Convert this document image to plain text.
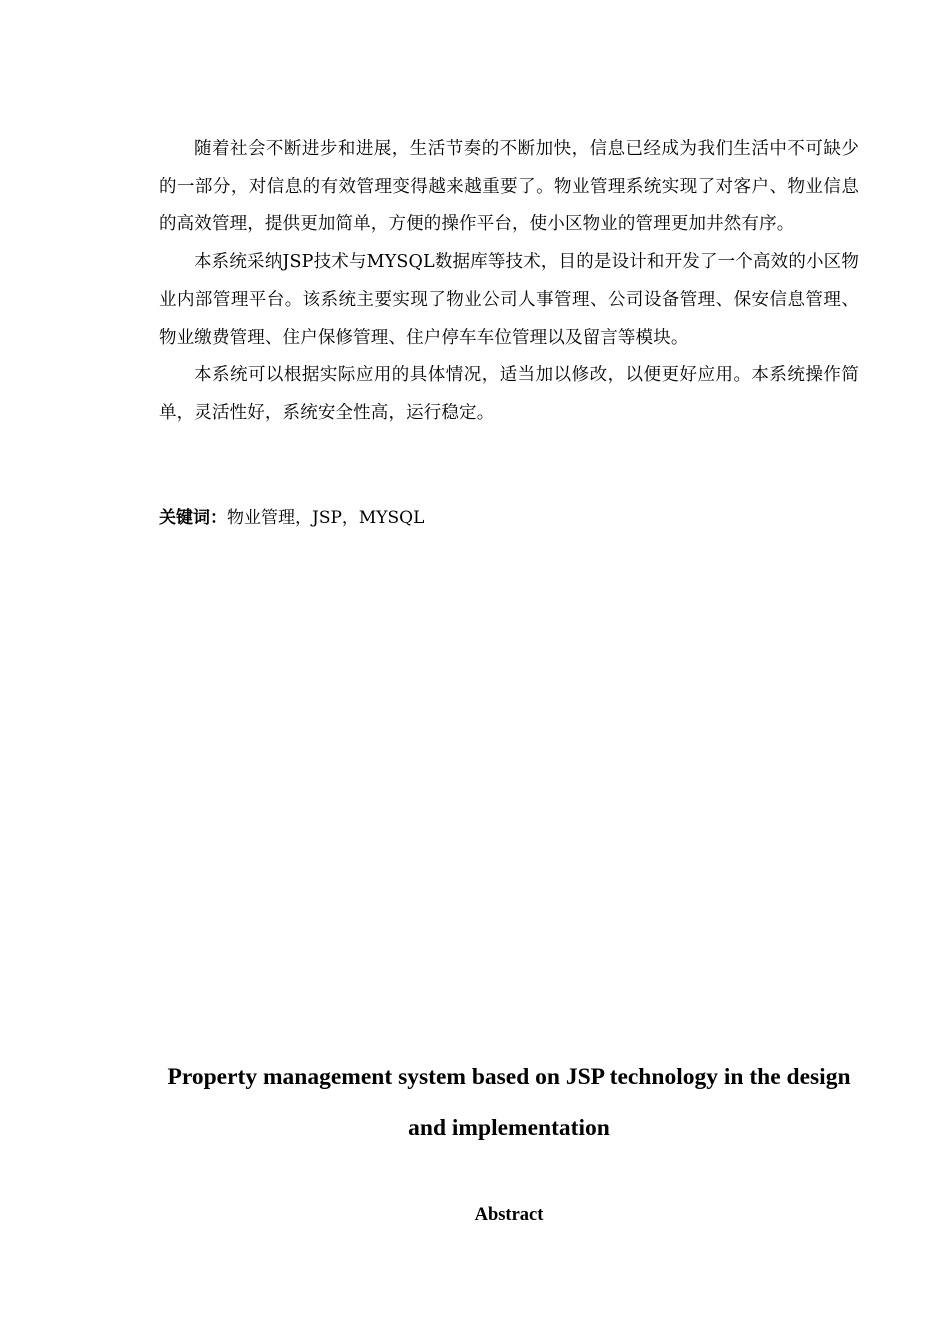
随着社会不断进步和进展，生活节奏的不断加快，信息已经成为我们生活中不可缺少的一部分，对信息的有效管理变得越来越重要了。物业管理系统实现了对客户、物业信息的高效管理，提供更加简单，方便的操作平台，使小区物业的管理更加井然有序。

本系统采纳JSP技术与MYSQL数据库等技术，目的是设计和开发了一个高效的小区物业内部管理平台。该系统主要实现了物业公司人事管理、公司设备管理、保安信息管理、物业缴费管理、住户保修管理、住户停车车位管理以及留言等模块。

本系统可以根据实际应用的具体情况，适当加以修改，以便更好应用。本系统操作简单，灵活性好，系统安全性高，运行稳定。

关键词：物业管理，JSP，MYSQL
Property management system based on JSP technology in the design and implementation
Abstract
